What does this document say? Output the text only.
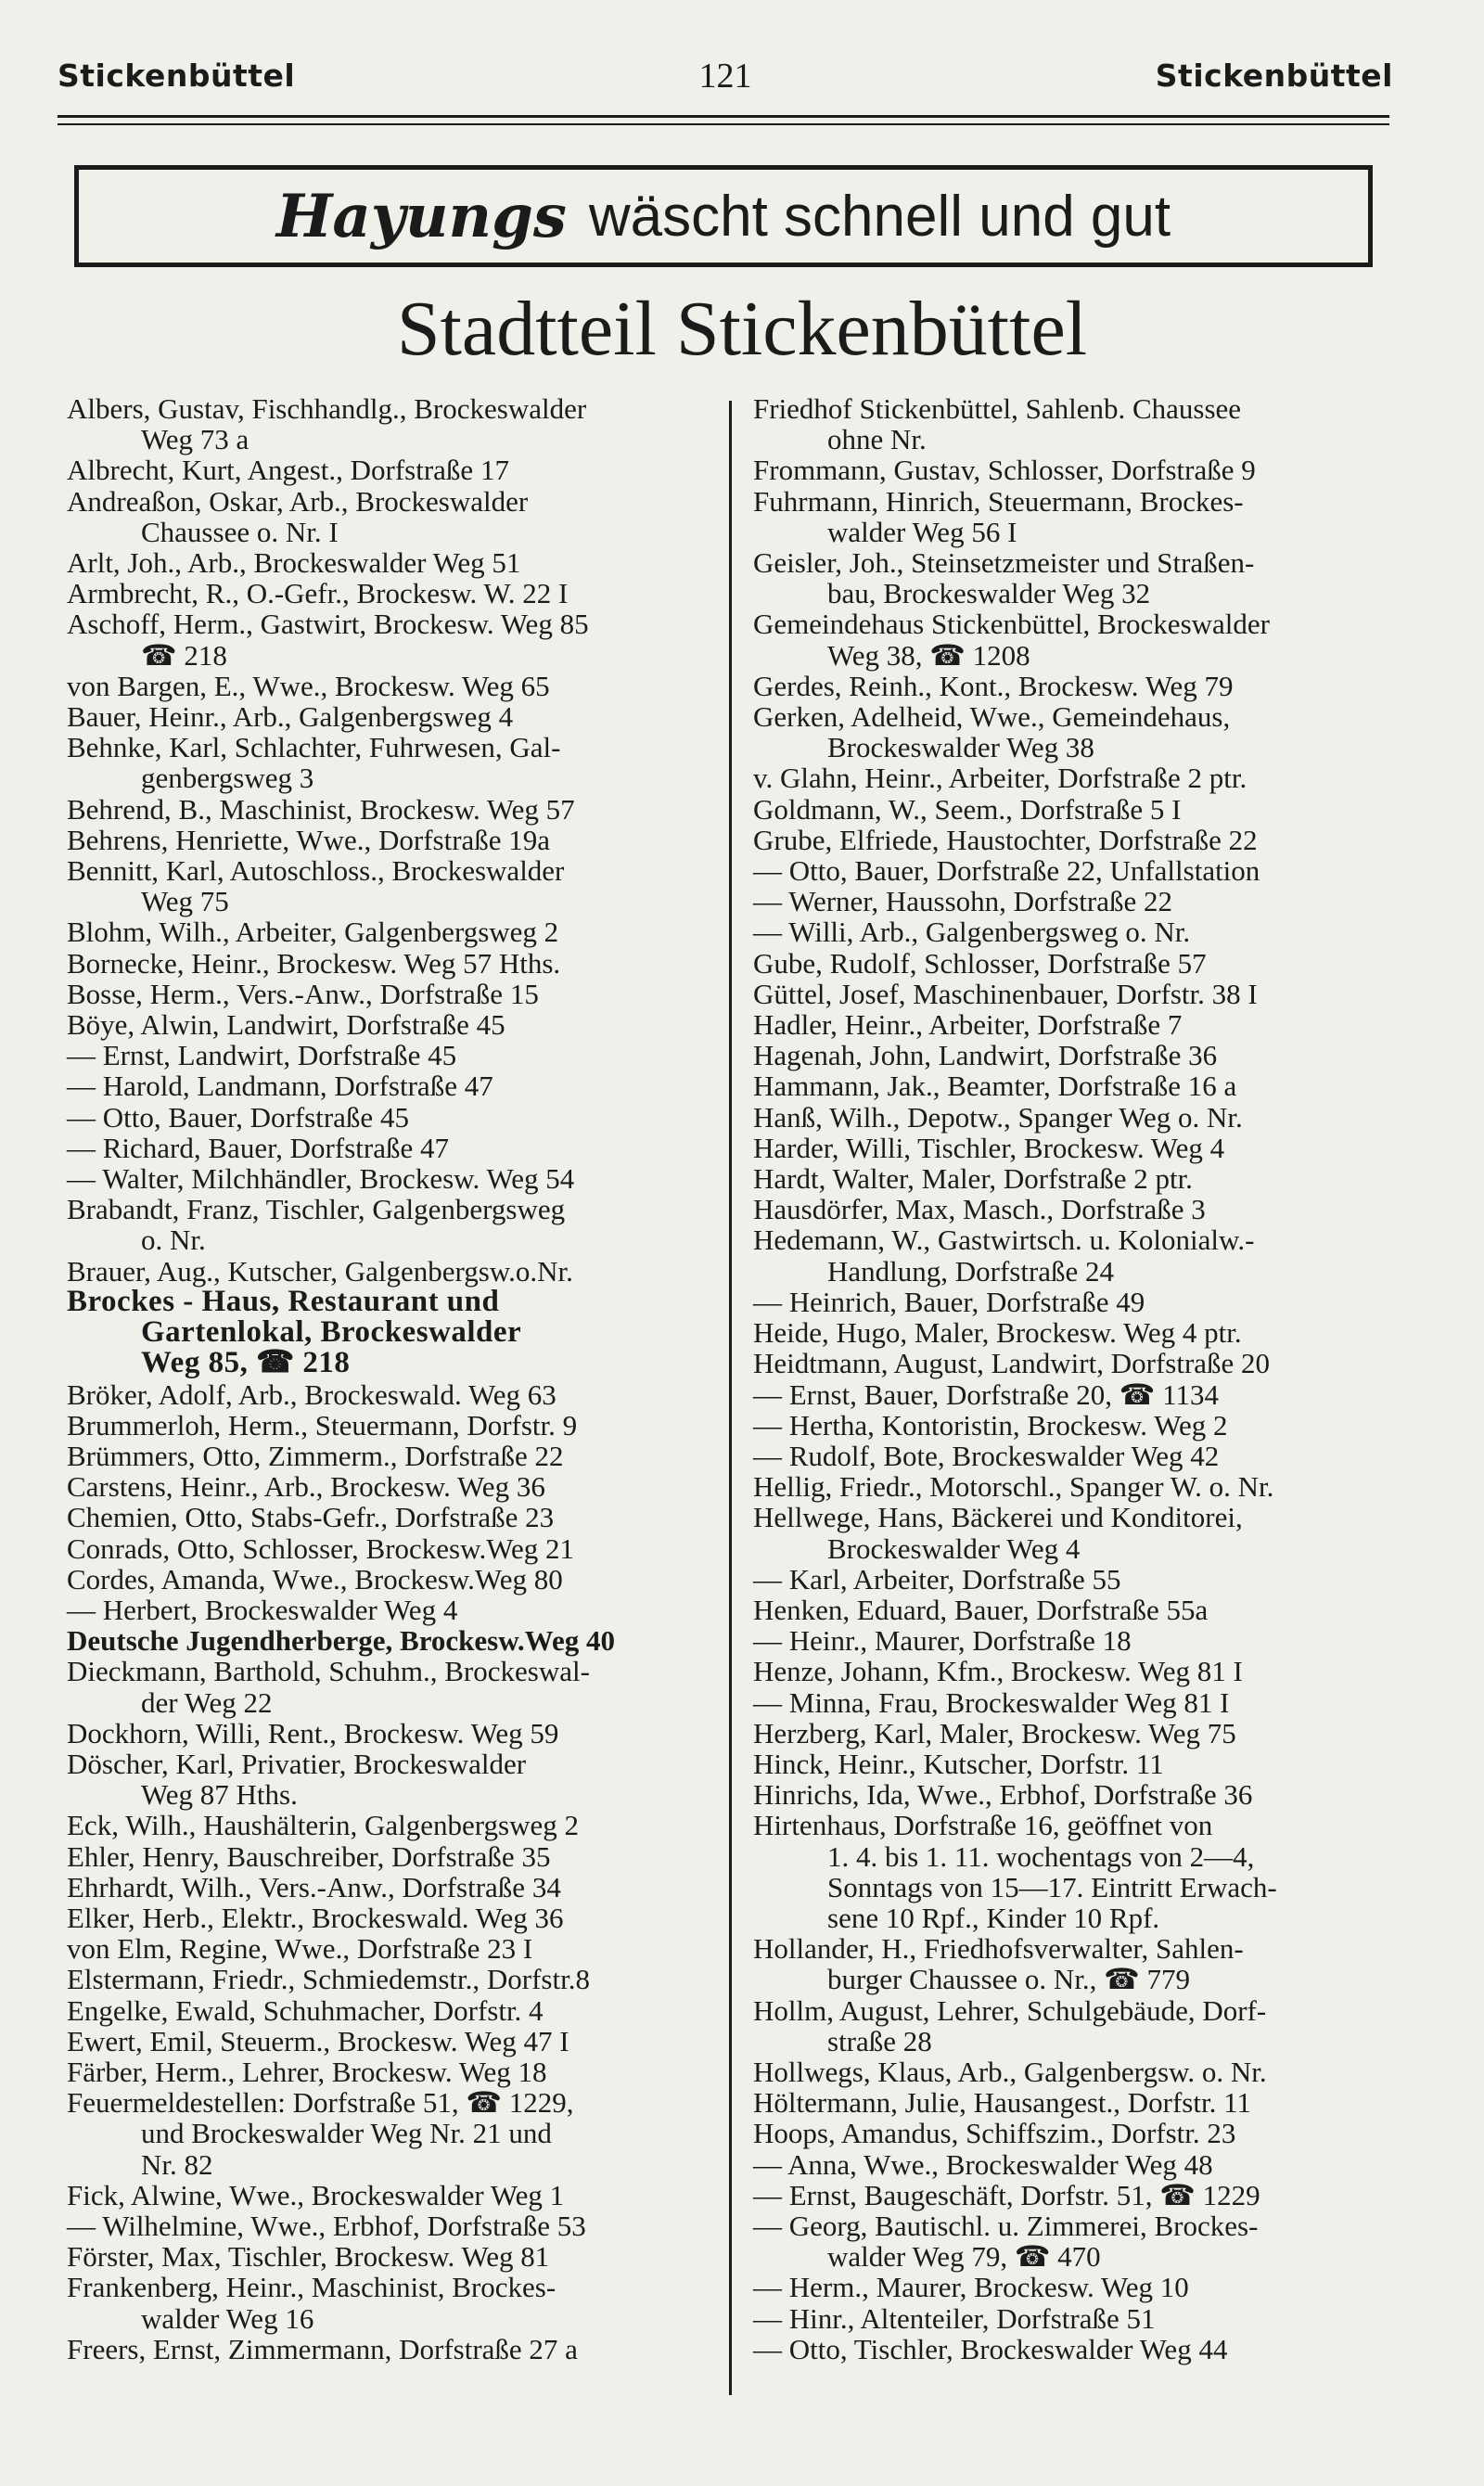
Stickenbüttel	121	Stickenbüttel
Hayungs wäscht schnell und gut
Stadtteil Stickenbüttel
Albers, Gustav, Fischhandlg., Brockeswalder
Weg 73 a
Albrecht, Kurt, Angest., Dorfstraße 17
Andreaßon, Oskar, Arb., Brockeswalder
Chaussee o. Nr. I
Arlt, Joh., Arb., Brockeswalder Weg 51
Armbrecht, R., O.-Gefr., Brockesw. W. 22 I
Aschoff, Herm., Gastwirt, Brockesw. Weg 85
☎ 218
von Bargen, E., Wwe., Brockesw. Weg 65
Bauer, Heinr., Arb., Galgenbergsweg 4
Behnke, Karl, Schlachter, Fuhrwesen, Gal-
genbergsweg 3
Behrend, B., Maschinist, Brockesw. Weg 57
Behrens, Henriette, Wwe., Dorfstraße 19a
Bennitt, Karl, Autoschloss., Brockeswalder
Weg 75
Blohm, Wilh., Arbeiter, Galgenbergsweg 2
Bornecke, Heinr., Brockesw. Weg 57 Hths.
Bosse, Herm., Vers.-Anw., Dorfstraße 15
Böye, Alwin, Landwirt, Dorfstraße 45
— Ernst, Landwirt, Dorfstraße 45
— Harold, Landmann, Dorfstraße 47
— Otto, Bauer, Dorfstraße 45
— Richard, Bauer, Dorfstraße 47
— Walter, Milchhändler, Brockesw. Weg 54
Brabandt, Franz, Tischler, Galgenbergsweg
o. Nr.
Brauer, Aug., Kutscher, Galgenbergsw.o.Nr.
Brockes - Haus, Restaurant und
Gartenlokal, Brockeswalder
Weg 85, ☎ 218
Bröker, Adolf, Arb., Brockeswald. Weg 63
Brummerloh, Herm., Steuermann, Dorfstr. 9
Brümmers, Otto, Zimmerm., Dorfstraße 22
Carstens, Heinr., Arb., Brockesw. Weg 36
Chemien, Otto, Stabs-Gefr., Dorfstraße 23
Conrads, Otto, Schlosser, Brockesw.Weg 21
Cordes, Amanda, Wwe., Brockesw.Weg 80
— Herbert, Brockeswalder Weg 4
Deutsche Jugendherberge, Brockesw.Weg 40
Dieckmann, Barthold, Schuhm., Brockeswal-
der Weg 22
Dockhorn, Willi, Rent., Brockesw. Weg 59
Döscher, Karl, Privatier, Brockeswalder
Weg 87 Hths.
Eck, Wilh., Haushälterin, Galgenbergsweg 2
Ehler, Henry, Bauschreiber, Dorfstraße 35
Ehrhardt, Wilh., Vers.-Anw., Dorfstraße 34
Elker, Herb., Elektr., Brockeswald. Weg 36
von Elm, Regine, Wwe., Dorfstraße 23 I
Elstermann, Friedr., Schmiedemstr., Dorfstr.8
Engelke, Ewald, Schuhmacher, Dorfstr. 4
Ewert, Emil, Steuerm., Brockesw. Weg 47 I
Färber, Herm., Lehrer, Brockesw. Weg 18
Feuermeldestellen: Dorfstraße 51, ☎ 1229,
und Brockeswalder Weg Nr. 21 und
Nr. 82
Fick, Alwine, Wwe., Brockeswalder Weg 1
— Wilhelmine, Wwe., Erbhof, Dorfstraße 53
Förster, Max, Tischler, Brockesw. Weg 81
Frankenberg, Heinr., Maschinist, Brockes-
walder Weg 16
Freers, Ernst, Zimmermann, Dorfstraße 27 a
Friedhof Stickenbüttel, Sahlenb. Chaussee
ohne Nr.
Frommann, Gustav, Schlosser, Dorfstraße 9
Fuhrmann, Hinrich, Steuermann, Brockes-
walder Weg 56 I
Geisler, Joh., Steinsetzmeister und Straßen-
bau, Brockeswalder Weg 32
Gemeindehaus Stickenbüttel, Brockeswalder
Weg 38, ☎ 1208
Gerdes, Reinh., Kont., Brockesw. Weg 79
Gerken, Adelheid, Wwe., Gemeindehaus,
Brockeswalder Weg 38
v. Glahn, Heinr., Arbeiter, Dorfstraße 2 ptr.
Goldmann, W., Seem., Dorfstraße 5 I
Grube, Elfriede, Haustochter, Dorfstraße 22
— Otto, Bauer, Dorfstraße 22, Unfallstation
— Werner, Haussohn, Dorfstraße 22
— Willi, Arb., Galgenbergsweg o. Nr.
Gube, Rudolf, Schlosser, Dorfstraße 57
Güttel, Josef, Maschinenbauer, Dorfstr. 38 I
Hadler, Heinr., Arbeiter, Dorfstraße 7
Hagenah, John, Landwirt, Dorfstraße 36
Hammann, Jak., Beamter, Dorfstraße 16 a
Hanß, Wilh., Depotw., Spanger Weg o. Nr.
Harder, Willi, Tischler, Brockesw. Weg 4
Hardt, Walter, Maler, Dorfstraße 2 ptr.
Hausdörfer, Max, Masch., Dorfstraße 3
Hedemann, W., Gastwirtsch. u. Kolonialw.-
Handlung, Dorfstraße 24
— Heinrich, Bauer, Dorfstraße 49
Heide, Hugo, Maler, Brockesw. Weg 4 ptr.
Heidtmann, August, Landwirt, Dorfstraße 20
— Ernst, Bauer, Dorfstraße 20, ☎ 1134
— Hertha, Kontoristin, Brockesw. Weg 2
— Rudolf, Bote, Brockeswalder Weg 42
Hellig, Friedr., Motorschl., Spanger W. o. Nr.
Hellwege, Hans, Bäckerei und Konditorei,
Brockeswalder Weg 4
— Karl, Arbeiter, Dorfstraße 55
Henken, Eduard, Bauer, Dorfstraße 55a
— Heinr., Maurer, Dorfstraße 18
Henze, Johann, Kfm., Brockesw. Weg 81 I
— Minna, Frau, Brockeswalder Weg 81 I
Herzberg, Karl, Maler, Brockesw. Weg 75
Hinck, Heinr., Kutscher, Dorfstr. 11
Hinrichs, Ida, Wwe., Erbhof, Dorfstraße 36
Hirtenhaus, Dorfstraße 16, geöffnet von
1. 4. bis 1. 11. wochentags von 2—4,
Sonntags von 15—17. Eintritt Erwach-
sene 10 Rpf., Kinder 10 Rpf.
Hollander, H., Friedhofsverwalter, Sahlen-
burger Chaussee o. Nr., ☎ 779
Hollm, August, Lehrer, Schulgebäude, Dorf-
straße 28
Hollwegs, Klaus, Arb., Galgenbergsw. o. Nr.
Höltermann, Julie, Hausangest., Dorfstr. 11
Hoops, Amandus, Schiffszim., Dorfstr. 23
— Anna, Wwe., Brockeswalder Weg 48
— Ernst, Baugeschäft, Dorfstr. 51, ☎ 1229
— Georg, Bautischl. u. Zimmerei, Brockes-
walder Weg 79, ☎ 470
— Herm., Maurer, Brockesw. Weg 10
— Hinr., Altenteiler, Dorfstraße 51
— Otto, Tischler, Brockeswalder Weg 44
